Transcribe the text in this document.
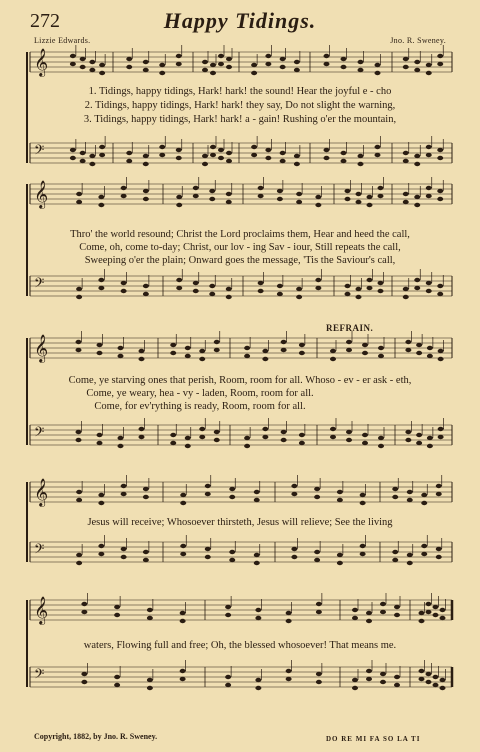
272	Happy Tidings.
Lizzie Edwards.	Jno. R. Sweney.
𝄞
𝄢
𝄞
𝄢
𝄞
𝄢
𝄞
𝄢
𝄞
𝄢
1. Tidings, happy tidings, Hark! hark! the sound! Hear the joyful e - cho
2. Tidings, happy tidings, Hark! hark! they say, Do not slight the warning,
3. Tidings, happy tidings, Hark! hark! a - gain! Rushing o'er the mountain,
Thro' the world resound; Christ the Lord proclaims them, Hear and heed the call,
Come, oh, come to-day; Christ, our lov - ing Sav - iour, Still repeats the call,
Sweeping o'er the plain; Onward goes the message, 'Tis the Saviour's call,
REFRAIN.
Come, ye starving ones that perish, Room, room for all. Whoso - ev - er ask - eth,
Come, ye weary, hea - vy - laden, Room, room for all.
Come, for ev'rything is ready, Room, room for all.
Jesus will receive; Whosoever thirsteth, Jesus will relieve; See the living
waters, Flowing full and free; Oh, the blessed whosoever! That means me.
Copyright, 1882, by Jno. R. Sweney.	DO RE MI FA SO LA TI
